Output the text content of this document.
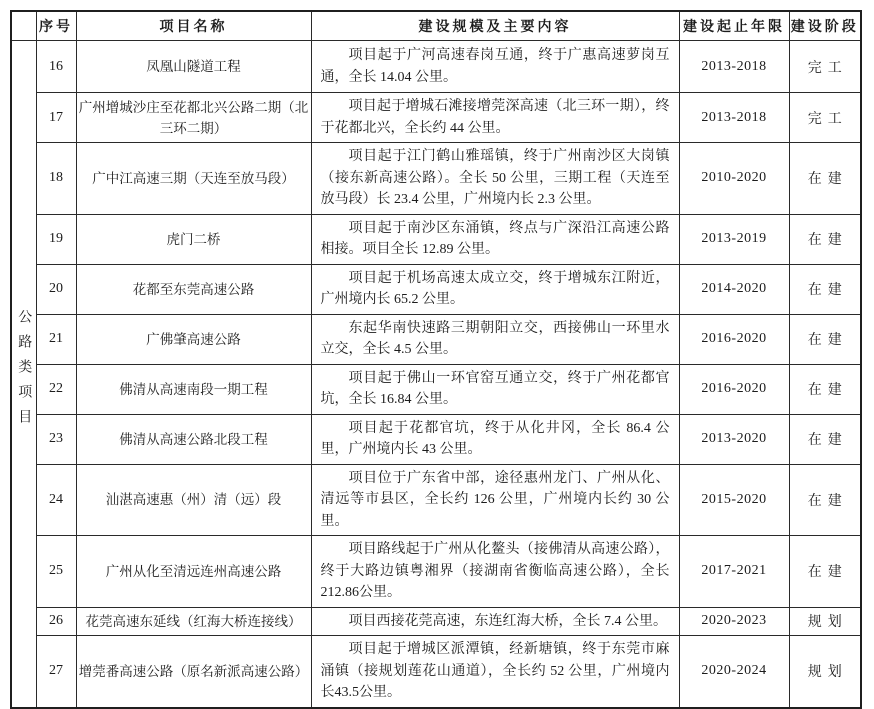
	序号	项目名称	建设规模及主要内容	建设起止年限	建设阶段
公路类项目	16	凤凰山隧道工程	项目起于广河高速春岗互通，终于广惠高速萝岗互通，全长 14.04 公里。	2013-2018	完工
	17	广州增城沙庄至花都北兴公路二期（北三环二期）	项目起于增城石滩接增莞深高速（北三环一期），终于花都北兴，全长约 44 公里。	2013-2018	完工
	18	广中江高速三期（天连至放马段）	项目起于江门鹤山雅瑶镇，终于广州南沙区大岗镇（接东新高速公路）。全长 50 公里，三期工程（天连至放马段）长 23.4 公里，广州境内长 2.3 公里。	2010-2020	在建
	19	虎门二桥	项目起于南沙区东涌镇，终点与广深沿江高速公路相接。项目全长 12.89 公里。	2013-2019	在建
	20	花都至东莞高速公路	项目起于机场高速太成立交，终于增城东江附近，广州境内长 65.2 公里。	2014-2020	在建
	21	广佛肇高速公路	东起华南快速路三期朝阳立交，西接佛山一环里水立交，全长 4.5 公里。	2016-2020	在建
	22	佛清从高速南段一期工程	项目起于佛山一环官窑互通立交，终于广州花都官坑，全长 16.84 公里。	2016-2020	在建
	23	佛清从高速公路北段工程	项目起于花都官坑，终于从化井冈，全长 86.4 公里，广州境内长 43 公里。	2013-2020	在建
	24	汕湛高速惠（州）清（远）段	项目位于广东省中部，途径惠州龙门、广州从化、清远等市县区，全长约 126 公里，广州境内长约 30 公里。	2015-2020	在建
	25	广州从化至清远连州高速公路	项目路线起于广州从化鳌头（接佛清从高速公路），终于大路边镇粤湘界（接湖南省衡临高速公路），全长212.86公里。	2017-2021	在建
	26	花莞高速东延线（红海大桥连接线）	项目西接花莞高速，东连红海大桥，全长 7.4 公里。	2020-2023	规划
	27	增莞番高速公路（原名新派高速公路）	项目起于增城区派潭镇，经新塘镇，终于东莞市麻涌镇（接规划莲花山通道），全长约 52 公里，广州境内长43.5公里。	2020-2024	规划
